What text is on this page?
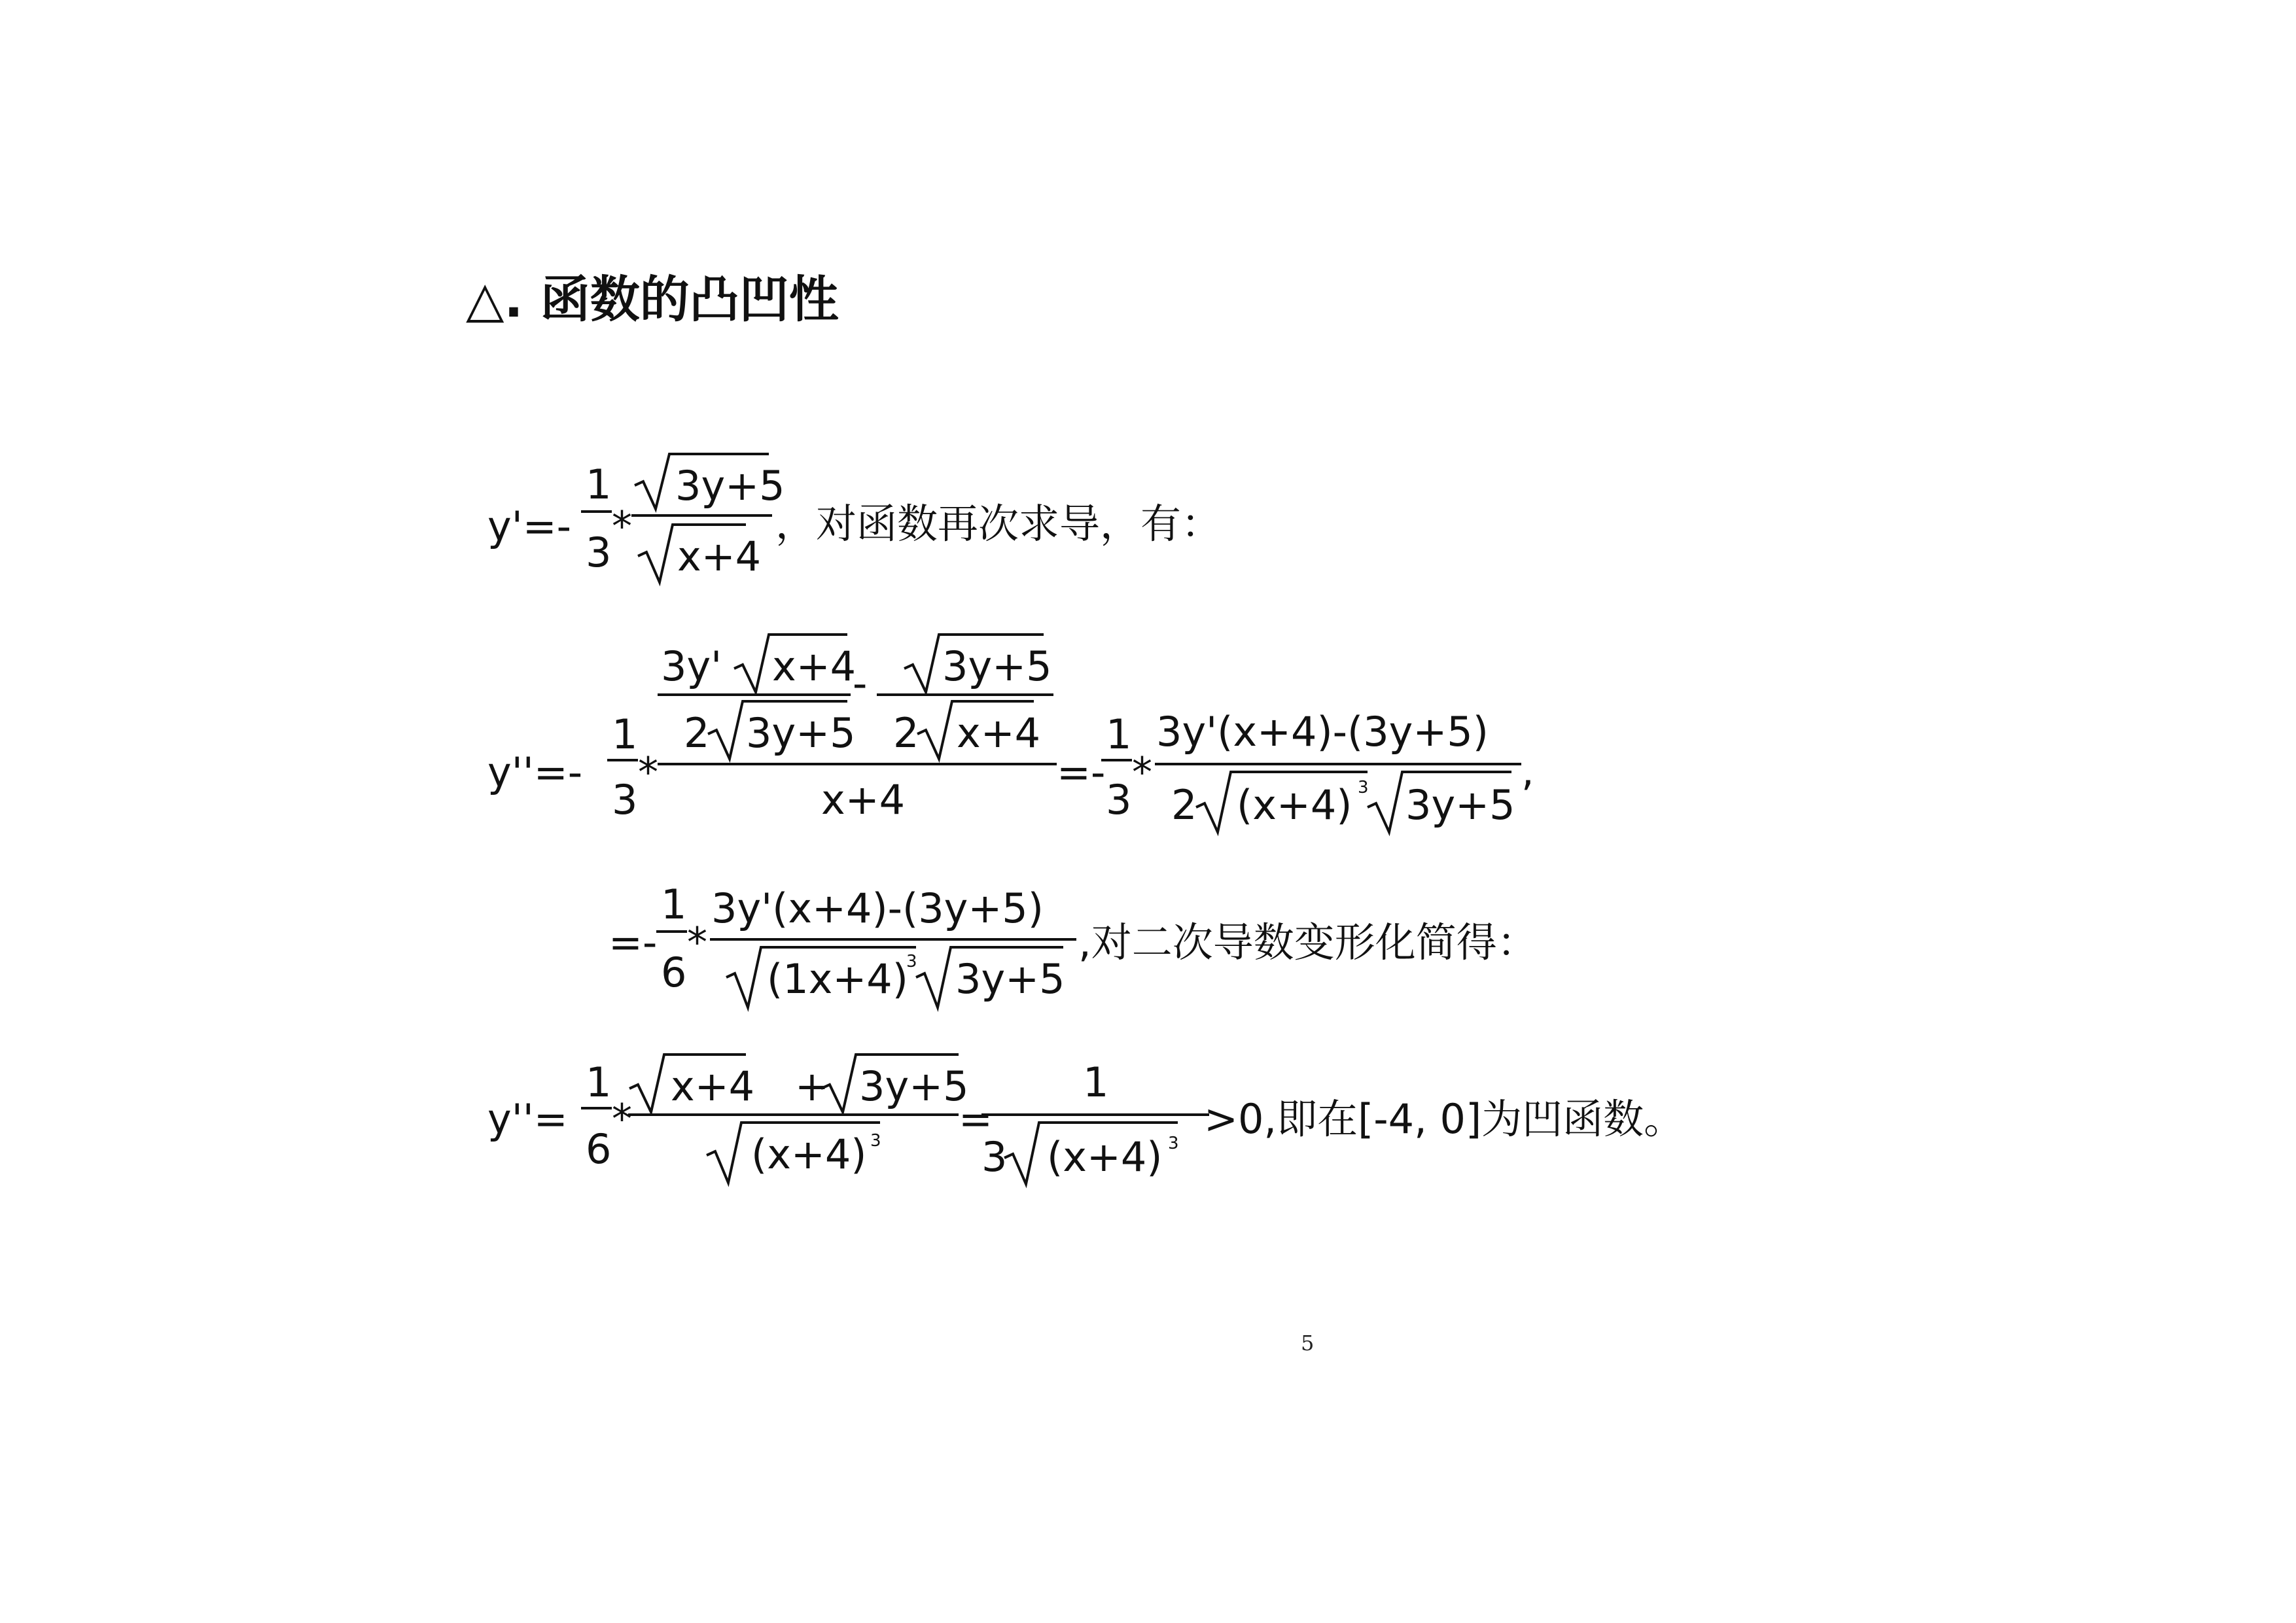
△. 函数的凸凹性
y'=-
1
3
*
3y+5
x+4
，对函数再次求导，有：
y''=-
1
3
*
3y' x+4
2 3y+5
- 3y+5
2 x+4
x+4
=-
1
3
*
3y'(x+4)-(3y+5)
2 (x+4) 3 3y+5
,
=-
1
6
*
3y'(x+4)-(3y+5)
(1x+4)
3 3y+5
,对二次导数变形化简得：
y''=
1
6
*
x+4 + 3y+5
(x+4) 3 =
1
3 (x+4) 3
>0,即在[-4, 0]为凹函数。
5
